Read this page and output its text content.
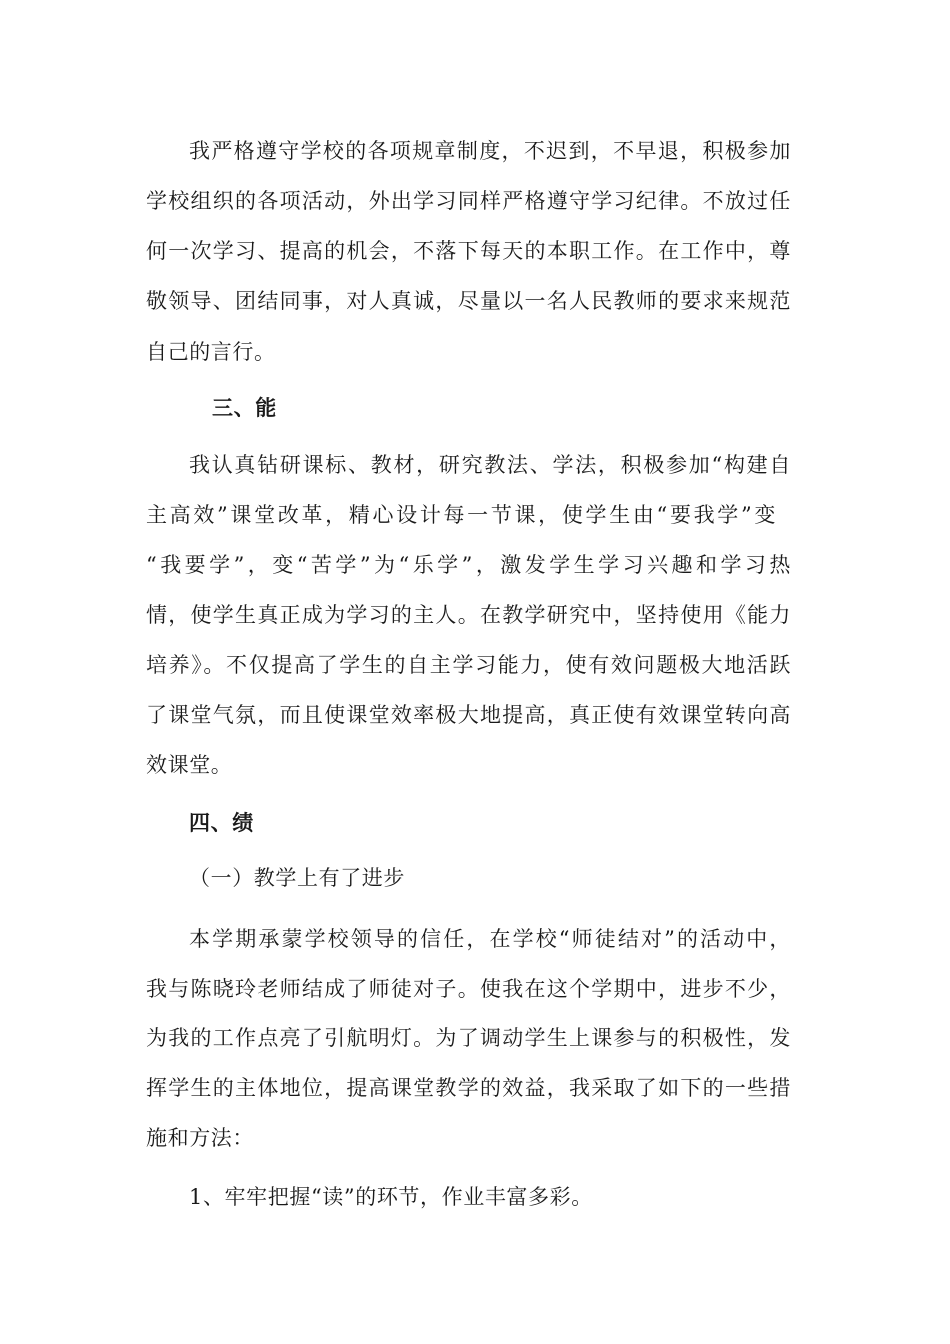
我严格遵守学校的各项规章制度，不迟到，不早退，积极参加
学校组织的各项活动，外出学习同样严格遵守学习纪律。不放过任
何一次学习、提高的机会，不落下每天的本职工作。在工作中，尊
敬领导、团结同事，对人真诚，尽量以一名人民教师的要求来规范
自己的言行。
三、能
我认真钻研课标、教材，研究教法、学法，积极参加“构建自
主高效”课堂改革，精心设计每一节课，使学生由“要我学”变
“我要学”，变“苦学”为“乐学”，激发学生学习兴趣和学习热
情，使学生真正成为学习的主人。在教学研究中，坚持使用《能力
培养》。不仅提高了学生的自主学习能力，使有效问题极大地活跃
了课堂气氛，而且使课堂效率极大地提高，真正使有效课堂转向高
效课堂。
四、绩
（一）教学上有了进步
本学期承蒙学校领导的信任，在学校“师徒结对”的活动中，
我与陈晓玲老师结成了师徒对子。使我在这个学期中，进步不少，
为我的工作点亮了引航明灯。为了调动学生上课参与的积极性，发
挥学生的主体地位，提高课堂教学的效益，我采取了如下的一些措
施和方法：
1、牢牢把握“读”的环节，作业丰富多彩。
